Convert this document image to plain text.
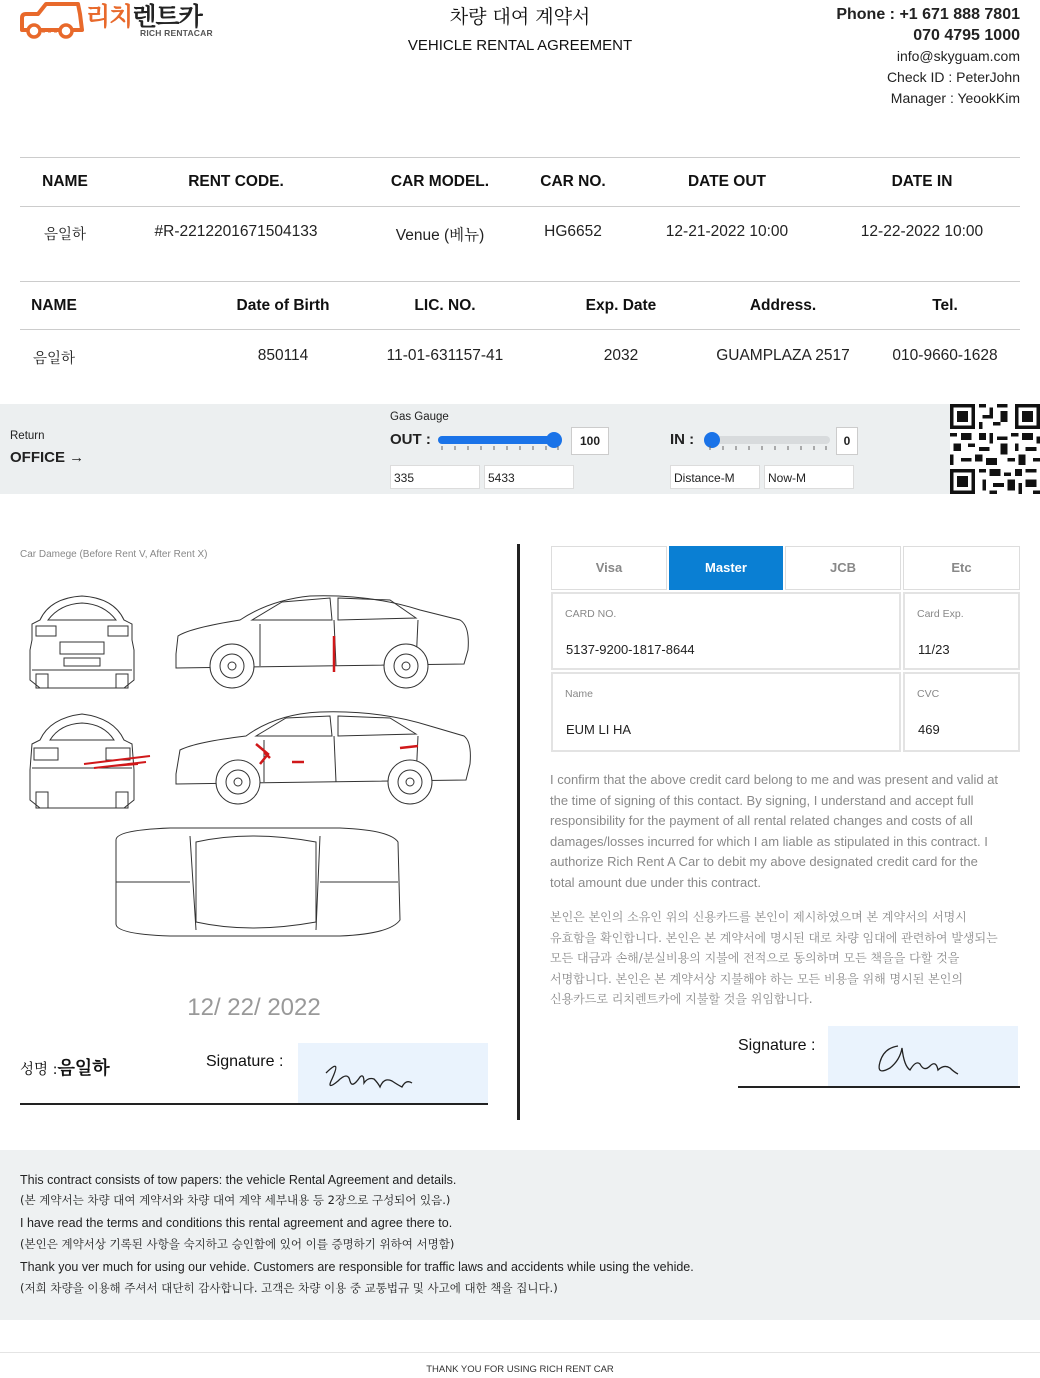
리치렌트카
RICH RENTACAR
차량 대여 계약서
VEHICLE RENTAL AGREEMENT
Phone : +1 671 888 7801
070 4795 1000
info@skyguam.com
Check ID : PeterJohn
Manager : YeookKim
NAME	RENT CODE.	CAR MODEL.	CAR NO.	DATE OUT	DATE IN
음일하	#R-2212201671504133	Venue (베뉴)	HG6652	12-21-2022 10:00	12-22-2022 10:00
NAME	Date of Birth	LIC. NO.	Exp. Date	Address.	Tel.
음일하	850114	11-01-631157-41	2032	GUAMPLAZA 2517	010-9660-1628
Return
OFFICE →
Gas Gauge
OUT :	100	IN :	0
335	5433	Distance-M	Now-M
Car Damege (Before Rent V, After Rent X)
12/ 22/ 2022
성명 :음일하	Signature :
Visa	Master	JCB	Etc
CARD NO.
5137-9200-1817-8644
Card Exp.
11/23
Name
EUM LI HA
CVC
469
I confirm that the above credit card belong to me and was present and valid at
the time of signing of this contact. By signing, I understand and accept full
responsibility for the payment of all rental related changes and costs of all
damages/losses incurred for which I am liable as stipulated in this contract. I
authorize Rich Rent A Car to debit my above designated credit card for the
total amount due under this contract.
본인은 본인의 소유인 위의 신용카드를 본인이 제시하였으며 본 계약서의 서명시
유효함을 확인합니다. 본인은 본 계약서에 명시된 대로 차량 임대에 관련하여 발생되는
모든 대금과 손해/분실비용의 지불에 전적으로 동의하며 모든 책을을 다할 것을
서명합니다. 본인은 본 계약서상 지불해야 하는 모든 비용을 위해 명시된 본인의
신용카드로 리치렌트카에 지불할 것을 위임합니다.
Signature :
This contract consists of tow papers: the vehicle Rental Agreement and details.
(본 계약서는 차량 대여 계약서와 차량 대여 계약 세부내용 등 2장으로 구성되어 있음.)
I have read the terms and conditions this rental agreement and agree there to.
(본인은 계약서상 기록된 사항을 숙지하고 승인함에 있어 이를 증명하기 위하여 서명함)
Thank you ver much for using our vehide. Customers are responsible for traffic laws and accidents while using the vehide.
(저희 차량을 이용해 주셔서 대단히 감사합니다. 고객은 차량 이용 중 교통법규 및 사고에 대한 책을 집니다.)
THANK YOU FOR USING RICH RENT CAR
